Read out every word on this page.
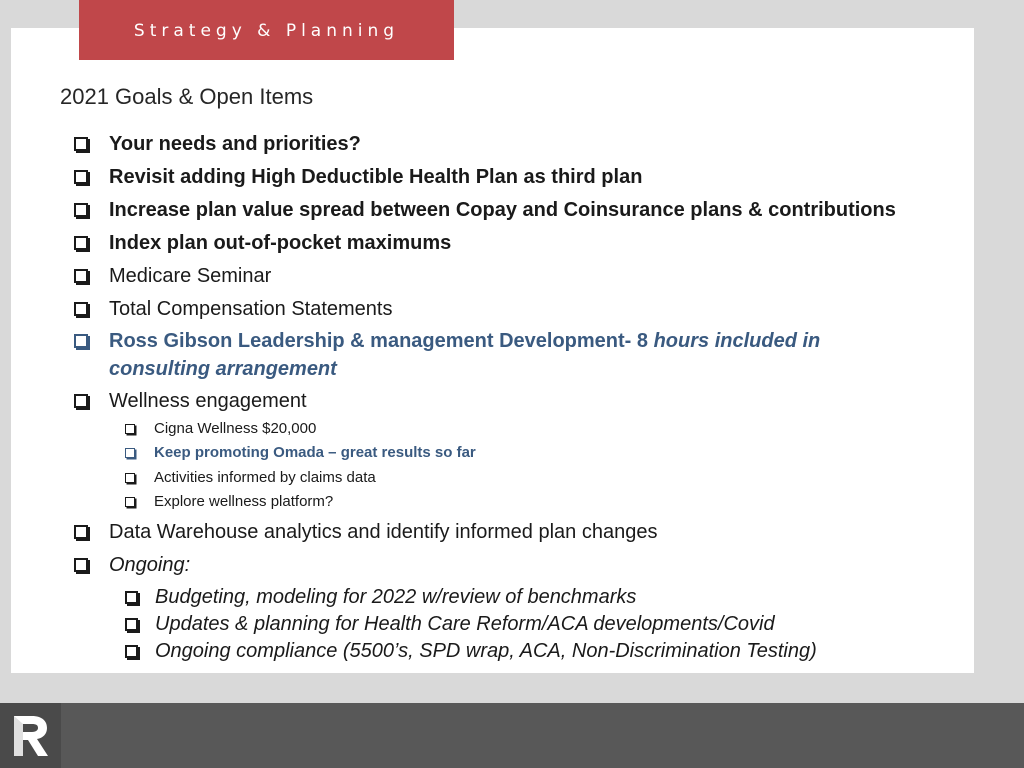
Strategy & Planning
2021 Goals & Open Items
Your needs and priorities?
Revisit adding High Deductible Health Plan as third plan
Increase plan value spread between Copay and Coinsurance plans & contributions
Index plan out-of-pocket maximums
Medicare Seminar
Total Compensation Statements
Ross Gibson Leadership & management Development- 8 hours included in
consulting arrangement
Wellness engagement
Cigna Wellness $20,000
Keep promoting Omada – great results so far
Activities informed by claims data
Explore wellness platform?
Data Warehouse analytics and identify informed plan changes
Ongoing:
Budgeting, modeling for 2022 w/review of benchmarks
Updates & planning for Health Care Reform/ACA developments/Covid
Ongoing compliance (5500’s, SPD wrap, ACA, Non-Discrimination Testing)
